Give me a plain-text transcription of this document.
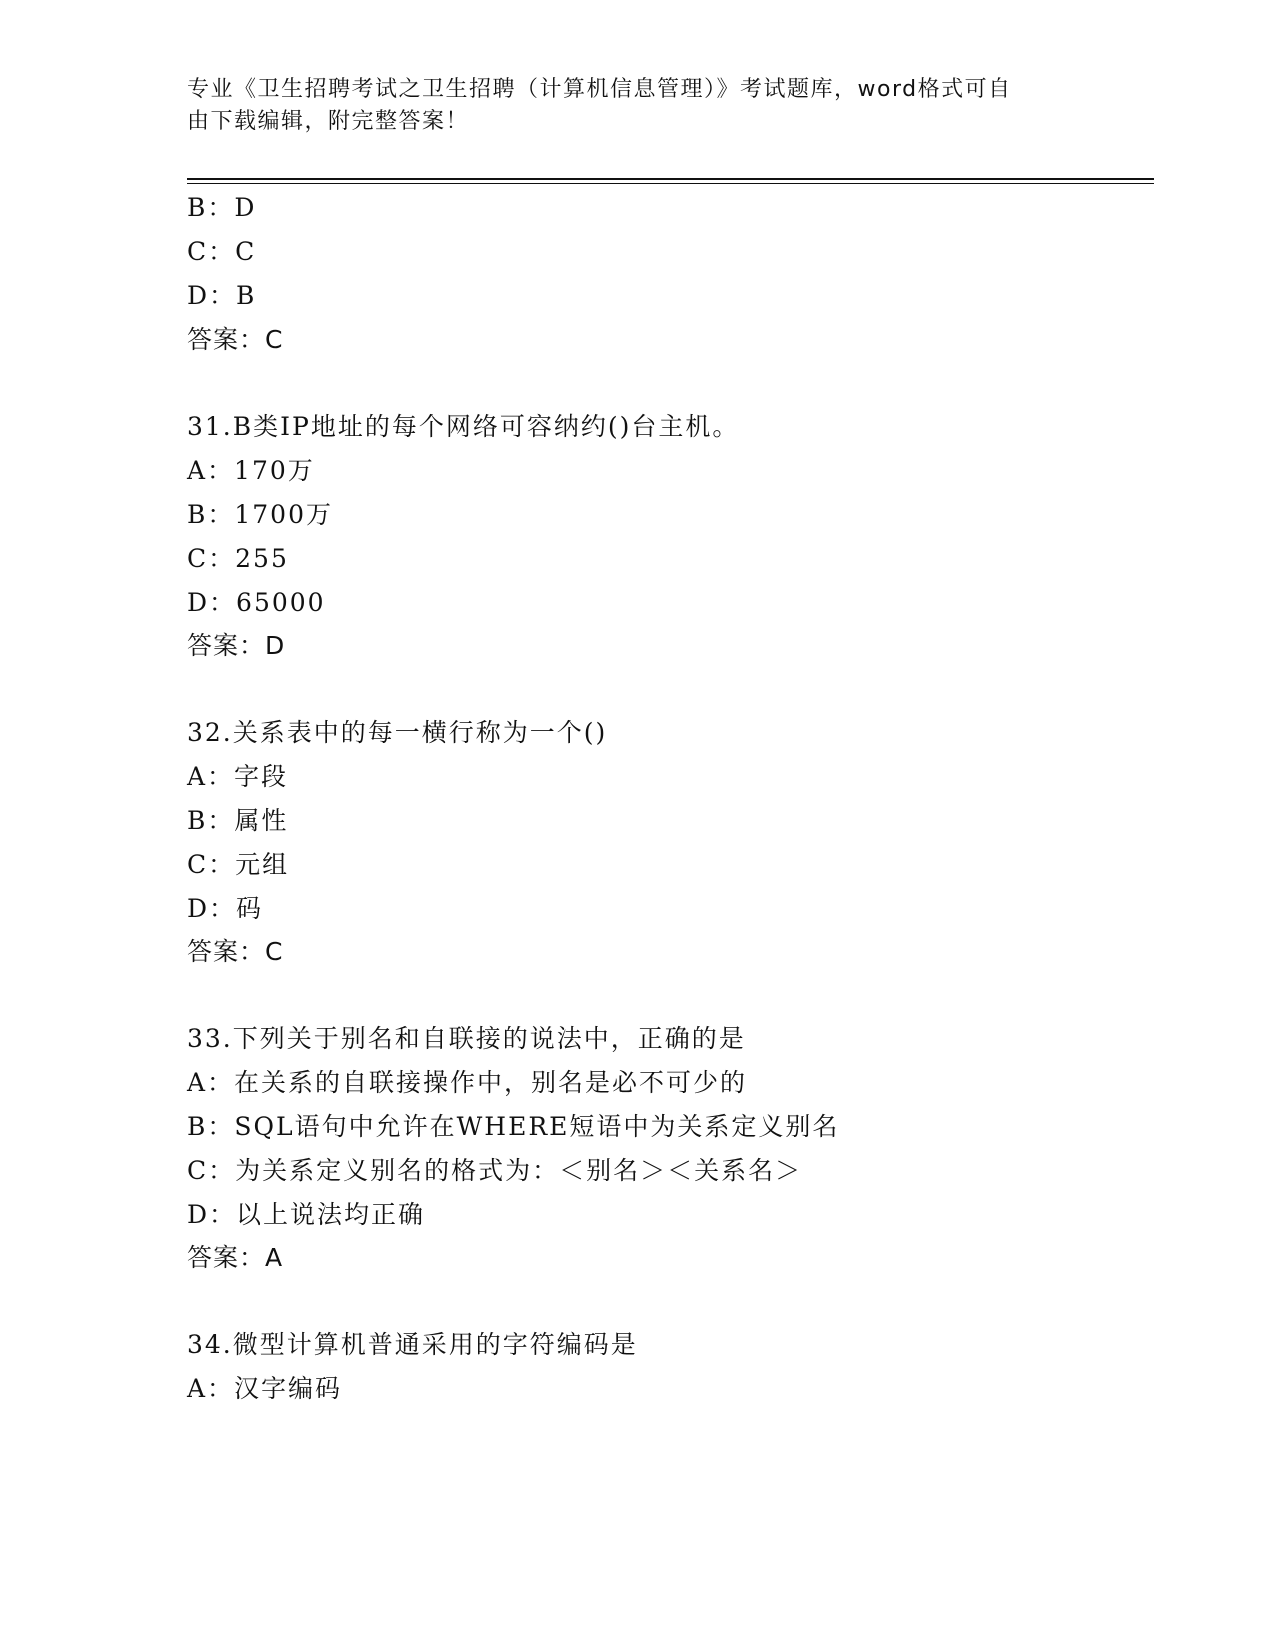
专业《卫生招聘考试之卫生招聘（计算机信息管理）》考试题库，word格式可自
由下载编辑，附完整答案！
B：D
C：C
D：B
答案：C
31.B类IP地址的每个网络可容纳约()台主机。
A：170万
B：1700万
C：255
D：65000
答案：D
32.关系表中的每一横行称为一个()
A：字段
B：属性
C：元组
D：码
答案：C
33.下列关于别名和自联接的说法中，正确的是
A：在关系的自联接操作中，别名是必不可少的
B：SQL语句中允许在WHERE短语中为关系定义别名
C：为关系定义别名的格式为：＜别名＞＜关系名＞
D：以上说法均正确
答案：A
34.微型计算机普通采用的字符编码是
A：汉字编码
